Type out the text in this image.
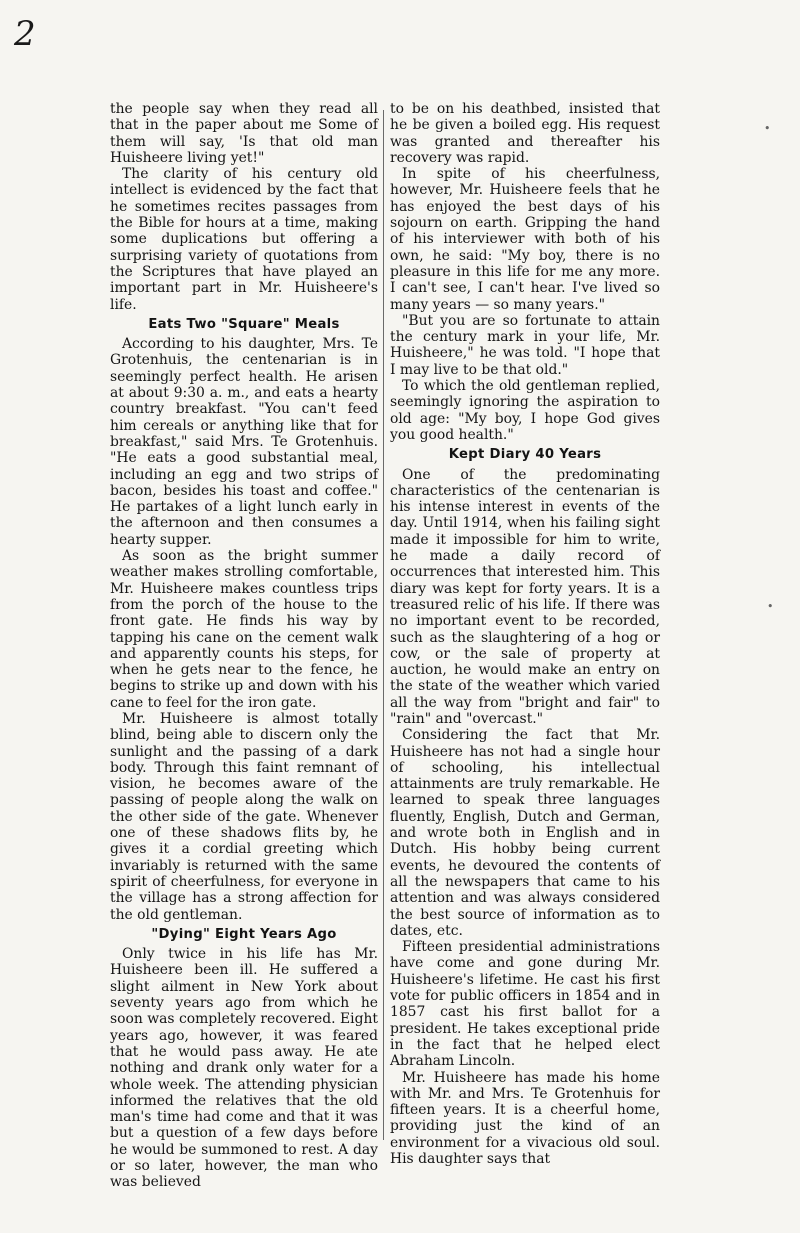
2

the people say when they read all that in the paper about me Some of them will say, 'Is that old man Huisheere living yet!"

The clarity of his century old intellect is evidenced by the fact that he sometimes recites passages from the Bible for hours at a time, making some duplications but offering a surprising variety of quotations from the Scriptures that have played an important part in Mr. Huisheere's life.

Eats Two "Square" Meals

According to his daughter, Mrs. Te Grotenhuis, the centenarian is in seemingly perfect health. He arisen at about 9:30 a. m., and eats a hearty country breakfast. "You can't feed him cereals or anything like that for breakfast," said Mrs. Te Grotenhuis. "He eats a good substantial meal, including an egg and two strips of bacon, besides his toast and coffee." He partakes of a light lunch early in the afternoon and then consumes a hearty supper.

As soon as the bright summer weather makes strolling comfortable, Mr. Huisheere makes countless trips from the porch of the house to the front gate. He finds his way by tapping his cane on the cement walk and apparently counts his steps, for when he gets near to the fence, he begins to strike up and down with his cane to feel for the iron gate.

Mr. Huisheere is almost totally blind, being able to discern only the sunlight and the passing of a dark body. Through this faint remnant of vision, he becomes aware of the passing of people along the walk on the other side of the gate. Whenever one of these shadows flits by, he gives it a cordial greeting which invariably is returned with the same spirit of cheerfulness, for everyone in the village has a strong affection for the old gentleman.

"Dying" Eight Years Ago

Only twice in his life has Mr. Huisheere been ill. He suffered a slight ailment in New York about seventy years ago from which he soon was completely recovered. Eight years ago, however, it was feared that he would pass away. He ate nothing and drank only water for a whole week. The attending physician informed the relatives that the old man's time had come and that it was but a question of a few days before he would be summoned to rest. A day or so later, however, the man who was believed

to be on his deathbed, insisted that he be given a boiled egg. His request was granted and thereafter his recovery was rapid.

In spite of his cheerfulness, however, Mr. Huisheere feels that he has enjoyed the best days of his sojourn on earth. Gripping the hand of his interviewer with both of his own, he said: "My boy, there is no pleasure in this life for me any more. I can't see, I can't hear. I've lived so many years — so many years."

"But you are so fortunate to attain the century mark in your life, Mr. Huisheere," he was told. "I hope that I may live to be that old."

To which the old gentleman replied, seemingly ignoring the aspiration to old age: "My boy, I hope God gives you good health."

Kept Diary 40 Years

One of the predominating characteristics of the centenarian is his intense interest in events of the day. Until 1914, when his failing sight made it impossible for him to write, he made a daily record of occurrences that interested him. This diary was kept for forty years. It is a treasured relic of his life. If there was no important event to be recorded, such as the slaughtering of a hog or cow, or the sale of property at auction, he would make an entry on the state of the weather which varied all the way from "bright and fair" to "rain" and "overcast."

Considering the fact that Mr. Huisheere has not had a single hour of schooling, his intellectual attainments are truly remarkable. He learned to speak three languages fluently, English, Dutch and German, and wrote both in English and in Dutch. His hobby being current events, he devoured the contents of all the newspapers that came to his attention and was always considered the best source of information as to dates, etc.

Fifteen presidential administrations have come and gone during Mr. Huisheere's lifetime. He cast his first vote for public officers in 1854 and in 1857 cast his first ballot for a president. He takes exceptional pride in the fact that he helped elect Abraham Lincoln.

Mr. Huisheere has made his home with Mr. and Mrs. Te Grotenhuis for fifteen years. It is a cheerful home, providing just the kind of an environment for a vivacious old soul. His daughter says that

•
•
